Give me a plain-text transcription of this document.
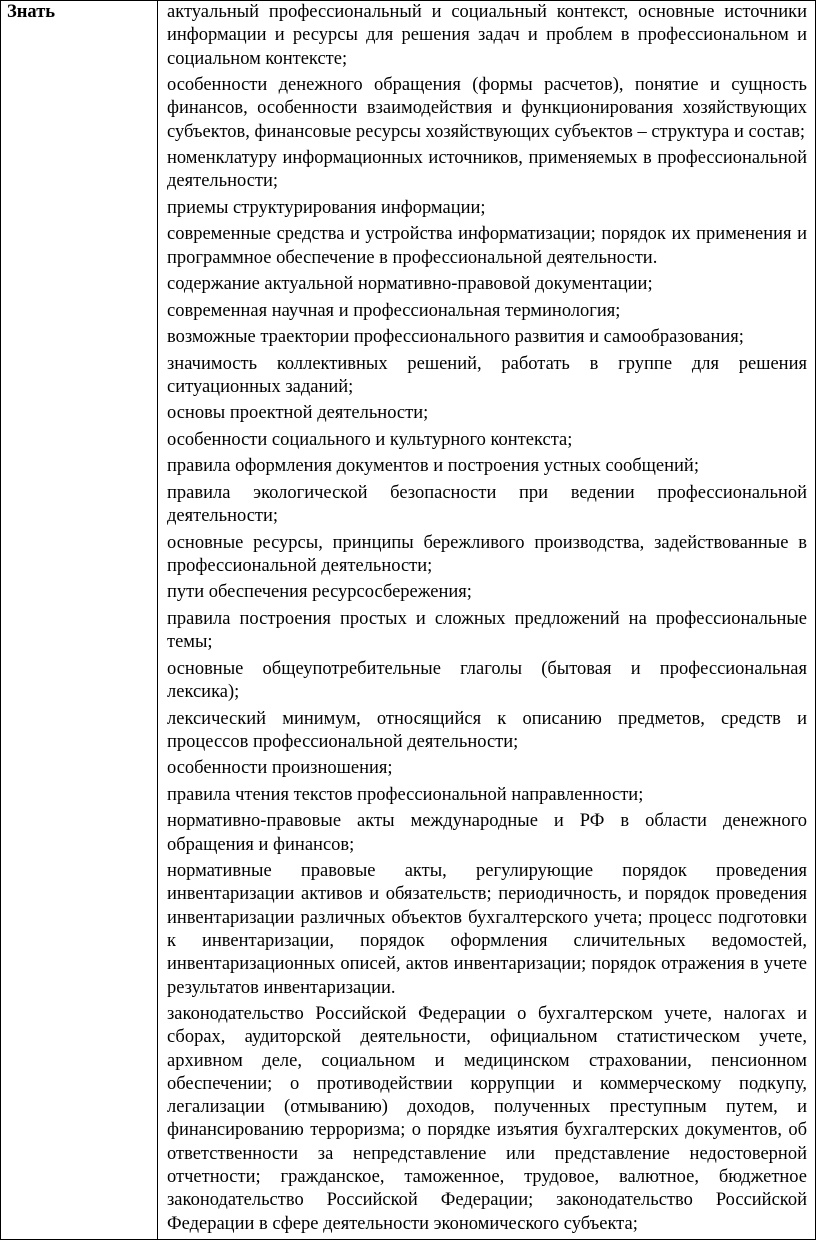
Знать	актуальный профессиональный и социальный контекст, основные источники информации и ресурсы для решения задач и проблем в профессиональном и социальном контексте;
особенности денежного обращения (формы расчетов), понятие и сущность финансов, особенности взаимодействия и функционирования хозяйствующих субъектов, финансовые ресурсы хозяйствующих субъектов – структура и состав;
номенклатуру информационных источников, применяемых в профессиональной деятельности;
приемы структурирования информации;
современные средства и устройства информатизации; порядок их применения и программное обеспечение в профессиональной деятельности.
содержание актуальной нормативно-правовой документации;
современная научная и профессиональная терминология;
возможные траектории профессионального развития и самообразования;
значимость коллективных решений, работать в группе для решения ситуационных заданий;
основы проектной деятельности;
особенности социального и культурного контекста;
правила оформления документов и построения устных сообщений;
правила экологической безопасности при ведении профессиональной деятельности;
основные ресурсы, принципы бережливого производства, задействованные в профессиональной деятельности;
пути обеспечения ресурсосбережения;
правила построения простых и сложных предложений на профессиональные темы;
основные общеупотребительные глаголы (бытовая и профессиональная лексика);
лексический минимум, относящийся к описанию предметов, средств и процессов профессиональной деятельности;
особенности произношения;
правила чтения текстов профессиональной направленности;
нормативно-правовые акты международные и РФ в области денежного обращения и финансов;
нормативные правовые акты, регулирующие порядок проведения инвентаризации активов и обязательств; периодичность, и порядок проведения инвентаризации различных объектов бухгалтерского учета; процесс подготовки к инвентаризации, порядок оформления сличительных ведомостей, инвентаризационных описей, актов инвентаризации; порядок отражения в учете результатов инвентаризации.
законодательство Российской Федерации о бухгалтерском учете, налогах и сборах, аудиторской деятельности, официальном статистическом учете, архивном деле, социальном и медицинском страховании, пенсионном обеспечении; о противодействии коррупции и коммерческому подкупу, легализации (отмыванию) доходов, полученных преступным путем, и финансированию терроризма; о порядке изъятия бухгалтерских документов, об ответственности за непредставление или представление недостоверной отчетности; гражданское, таможенное, трудовое, валютное, бюджетное законодательство Российской Федерации; законодательство Российской Федерации в сфере деятельности экономического субъекта;
